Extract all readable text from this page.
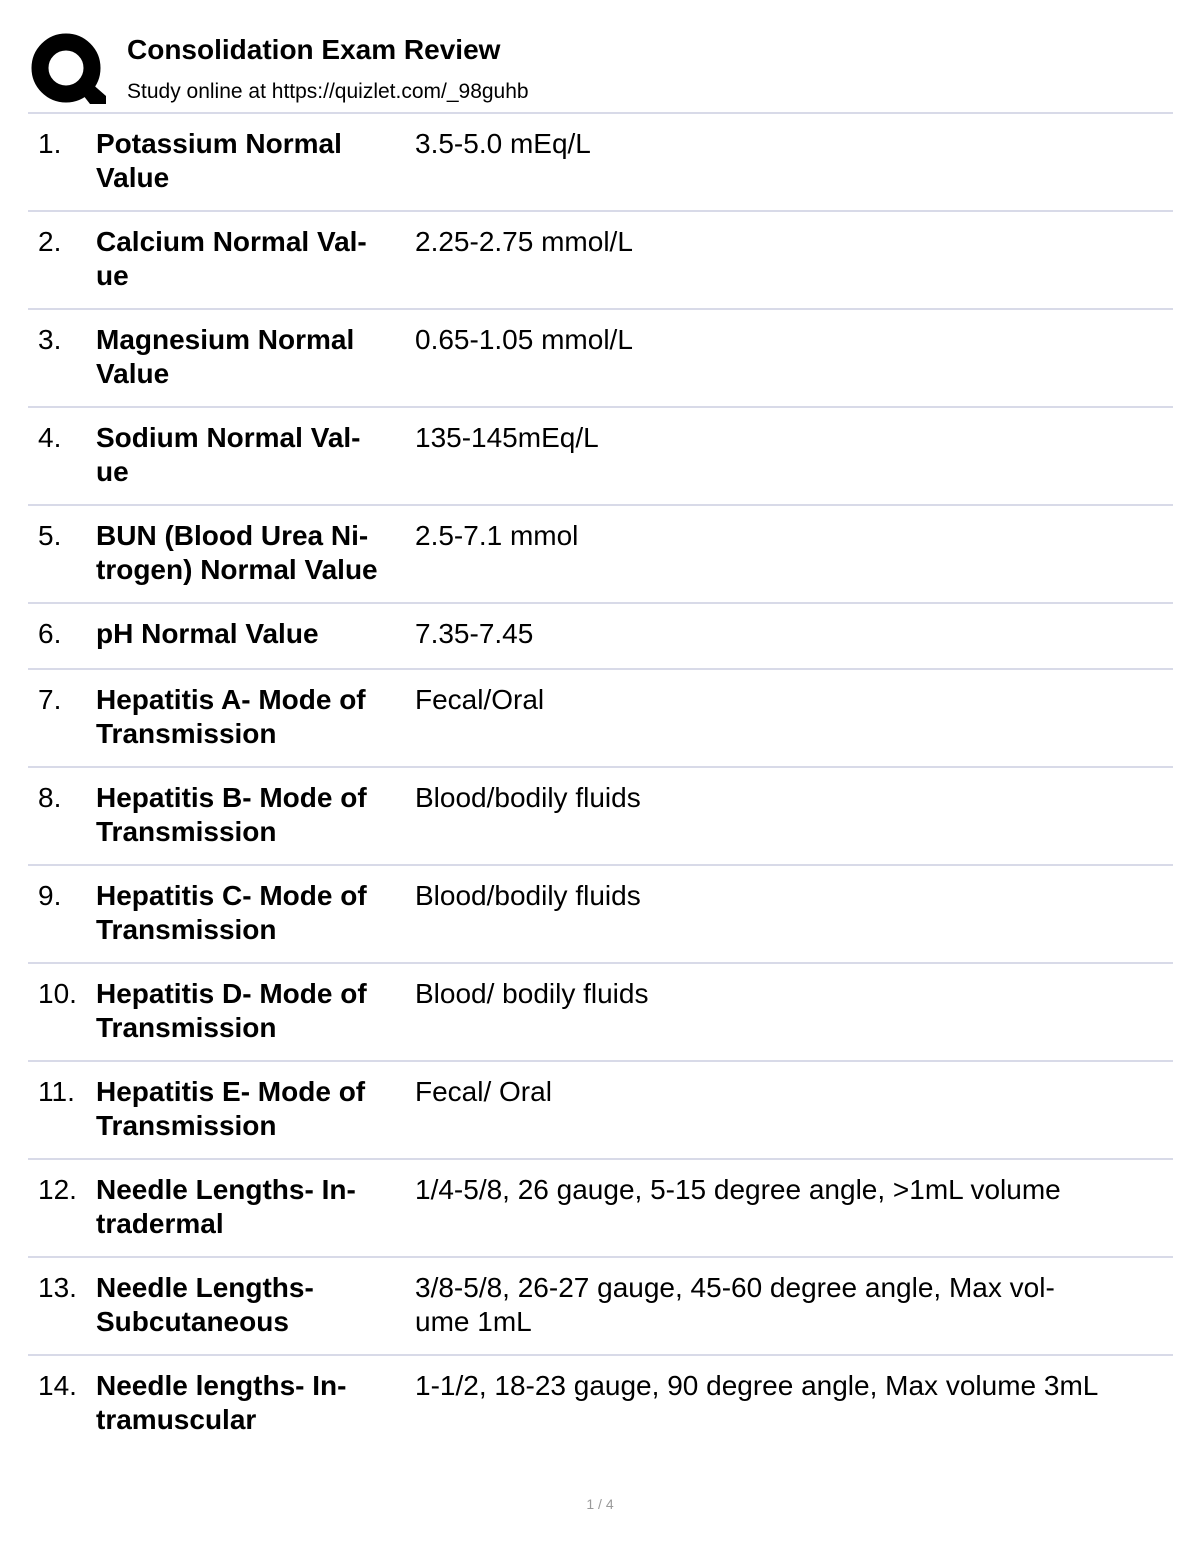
Consolidation Exam Review
Study online at https://quizlet.com/_98guhb
1. Potassium Normal
Value
3.5-5.0 mEq/L
2. Calcium Normal Val-
ue
2.25-2.75 mmol/L
3. Magnesium Normal
Value
0.65-1.05 mmol/L
4. Sodium Normal Val-
ue
135-145mEq/L
5. BUN (Blood Urea Ni-
trogen) Normal Value
2.5-7.1 mmol
6. pH Normal Value	7.35-7.45
7. Hepatitis A- Mode of
Transmission
Fecal/Oral
8. Hepatitis B- Mode of
Transmission
Blood/bodily fluids
9. Hepatitis C- Mode of
Transmission
Blood/bodily fluids
10. Hepatitis D- Mode of
Transmission
Blood/ bodily fluids
11. Hepatitis E- Mode of
Transmission
Fecal/ Oral
12. Needle Lengths- In-
tradermal
1/4-5/8, 26 gauge, 5-15 degree angle, >1mL volume
13. Needle Lengths-
Subcutaneous
3/8-5/8, 26-27 gauge, 45-60 degree angle, Max vol-
ume 1mL
14. Needle lengths- In-
tramuscular
1-1/2, 18-23 gauge, 90 degree angle, Max volume 3mL
1 / 4
